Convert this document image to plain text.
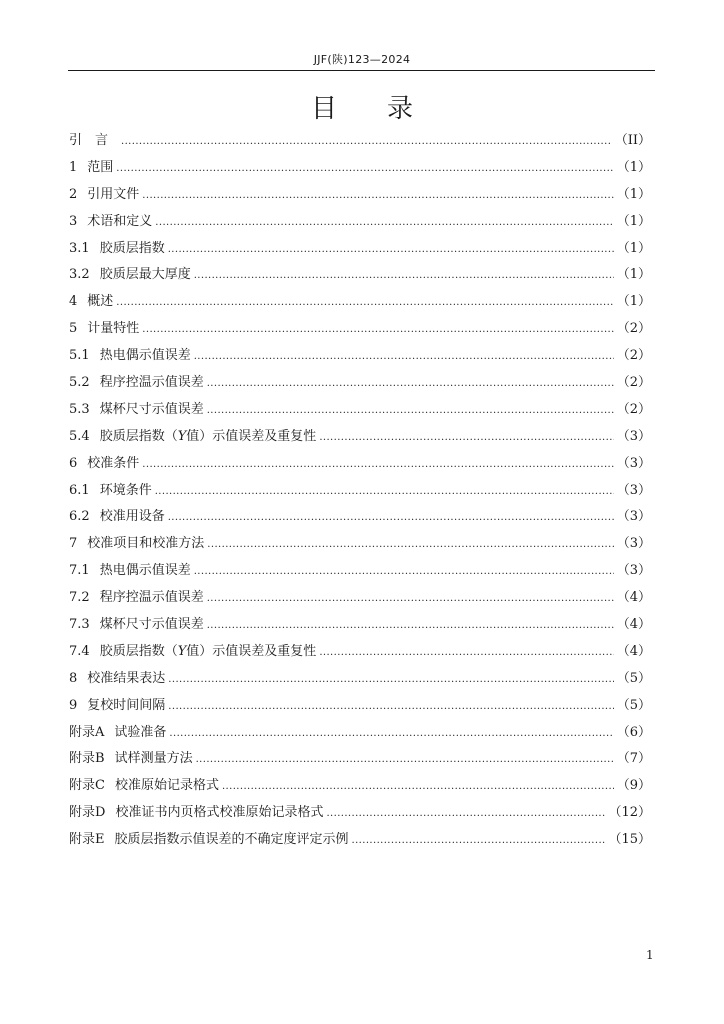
JJF(陕)123—2024
目录
引　言 .....	（II）
1 范围 .....	（1）
2 引用文件 .....	（1）
3 术语和定义 .....	（1）
3.1 胶质层指数 .....	（1）
3.2 胶质层最大厚度 .....	（1）
4 概述 .....	（1）
5 计量特性 .....	（2）
5.1 热电偶示值误差 .....	（2）
5.2 程序控温示值误差 .....	（2）
5.3 煤杯尺寸示值误差 .....	（2）
5.4 胶质层指数（Y值）示值误差及重复性 .....	（3）
6 校准条件 .....	（3）
6.1 环境条件 .....	（3）
6.2 校准用设备 .....	（3）
7 校准项目和校准方法 .....	（3）
7.1 热电偶示值误差 .....	（3）
7.2 程序控温示值误差 .....	（4）
7.3 煤杯尺寸示值误差 .....	（4）
7.4 胶质层指数（Y值）示值误差及重复性 .....	（4）
8 校准结果表达 .....	（5）
9 复校时间间隔 .....	（5）
附录A 试验准备 .....	（6）
附录B 试样测量方法 .....	（7）
附录C 校准原始记录格式 .....	（9）
附录D 校准证书内页格式校准原始记录格式 .....	（12）
附录E 胶质层指数示值误差的不确定度评定示例 .....	（15）
1
